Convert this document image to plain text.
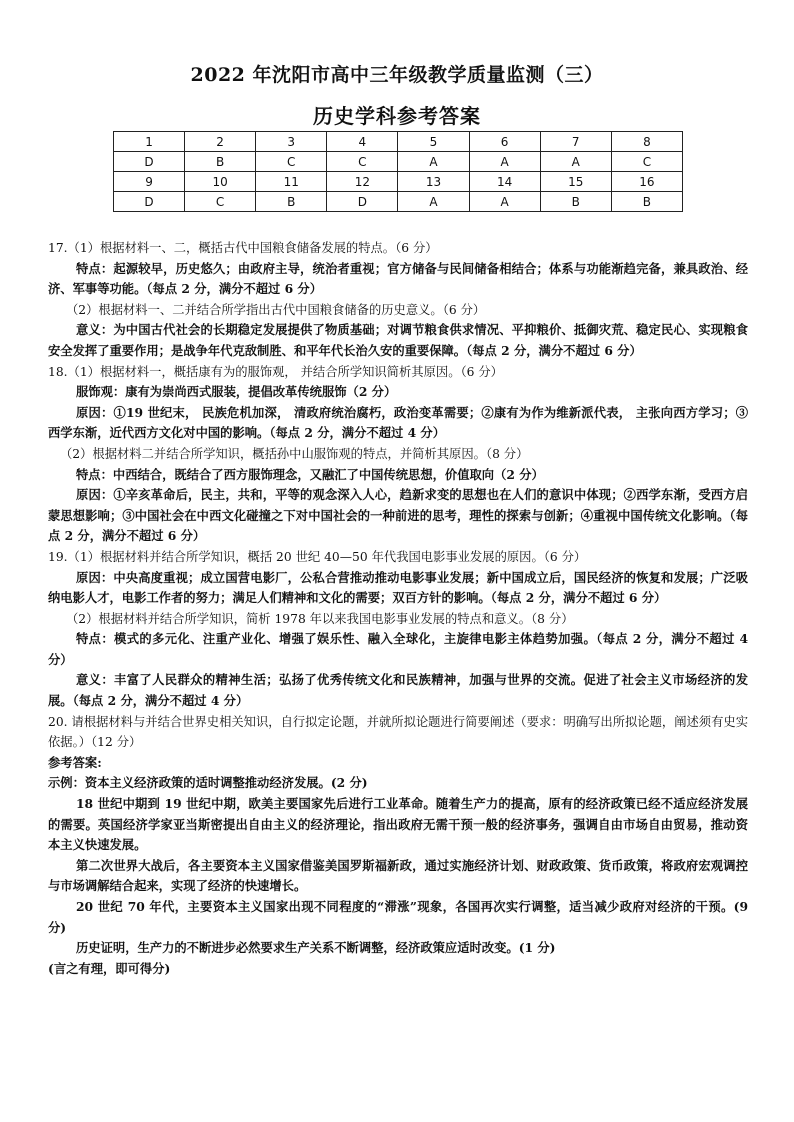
2022 年沈阳市高中三年级教学质量监测（三）
历史学科参考答案
1	2	3	4	5	6	7	8
D	B	C	C	A	A	A	C
9	10	11	12	13	14	15	16
D	C	B	D	A	A	B	B

17.（1）根据材料一、二，概括古代中国粮食储备发展的特点。（6 分）

特点：起源较早，历史悠久；由政府主导，统治者重视；官方储备与民间储备相结合；体系与功能渐趋完备，兼具政治、经济、军事等功能。（每点 2 分，满分不超过 6 分）

（2）根据材料一、二并结合所学指出古代中国粮食储备的历史意义。（6 分）

意义：为中国古代社会的长期稳定发展提供了物质基础；对调节粮食供求情况、平抑粮价、抵御灾荒、稳定民心、实现粮食安全发挥了重要作用；是战争年代克敌制胜、和平年代长治久安的重要保障。（每点 2 分，满分不超过 6 分）

18.（1）根据材料一，概括康有为的服饰观， 并结合所学知识简析其原因。（6 分）

服饰观：康有为崇尚西式服装，提倡改革传统服饰（2 分）

原因：①19 世纪末， 民族危机加深， 清政府统治腐朽，政治变革需要；②康有为作为维新派代表， 主张向西方学习；③西学东渐，近代西方文化对中国的影响。（每点 2 分，满分不超过 4 分）

（2）根据材料二并结合所学知识，概括孙中山服饰观的特点，并简析其原因。（8 分）

特点：中西结合，既结合了西方服饰理念，又融汇了中国传统思想，价值取向（2 分）

原因：①辛亥革命后，民主，共和，平等的观念深入人心，趋新求变的思想也在人们的意识中体现；②西学东渐，受西方启蒙思想影响；③中国社会在中西文化碰撞之下对中国社会的一种前进的思考，理性的探索与创新；④重视中国传统文化影响。（每点 2 分，满分不超过 6 分）

19.（1）根据材料并结合所学知识，概括 20 世纪 40—50 年代我国电影事业发展的原因。（6 分）

原因：中央高度重视；成立国营电影厂，公私合营推动推动电影事业发展；新中国成立后，国民经济的恢复和发展；广泛吸纳电影人才，电影工作者的努力；满足人们精神和文化的需要；双百方针的影响。（每点 2 分，满分不超过 6 分）

（2）根据材料并结合所学知识，简析 1978 年以来我国电影事业发展的特点和意义。（8 分）

特点：模式的多元化、注重产业化、增强了娱乐性、融入全球化，主旋律电影主体趋势加强。（每点 2 分，满分不超过 4 分）

意义：丰富了人民群众的精神生活；弘扬了优秀传统文化和民族精神，加强与世界的交流。促进了社会主义市场经济的发展。（每点 2 分，满分不超过 4 分）

20. 请根据材料与并结合世界史相关知识，自行拟定论题，并就所拟论题进行简要阐述（要求：明确写出所拟论题，阐述须有史实依据。）（12 分）

参考答案:

示例：资本主义经济政策的适时调整推动经济发展。(2 分)

18 世纪中期到 19 世纪中期，欧美主要国家先后进行工业革命。随着生产力的提高，原有的经济政策已经不适应经济发展的需要。英国经济学家亚当斯密提出自由主义的经济理论，指出政府无需干预一般的经济事务，强调自由市场自由贸易，推动资本主义快速发展。

第二次世界大战后，各主要资本主义国家借鉴美国罗斯福新政，通过实施经济计划、财政政策、货币政策，将政府宏观调控与市场调解结合起来，实现了经济的快速增长。

20 世纪 70 年代，主要资本主义国家出现不同程度的“滞涨”现象，各国再次实行调整，适当减少政府对经济的干预。(9 分)

历史证明，生产力的不断进步必然要求生产关系不断调整，经济政策应适时改变。(1 分)

(言之有理，即可得分)
